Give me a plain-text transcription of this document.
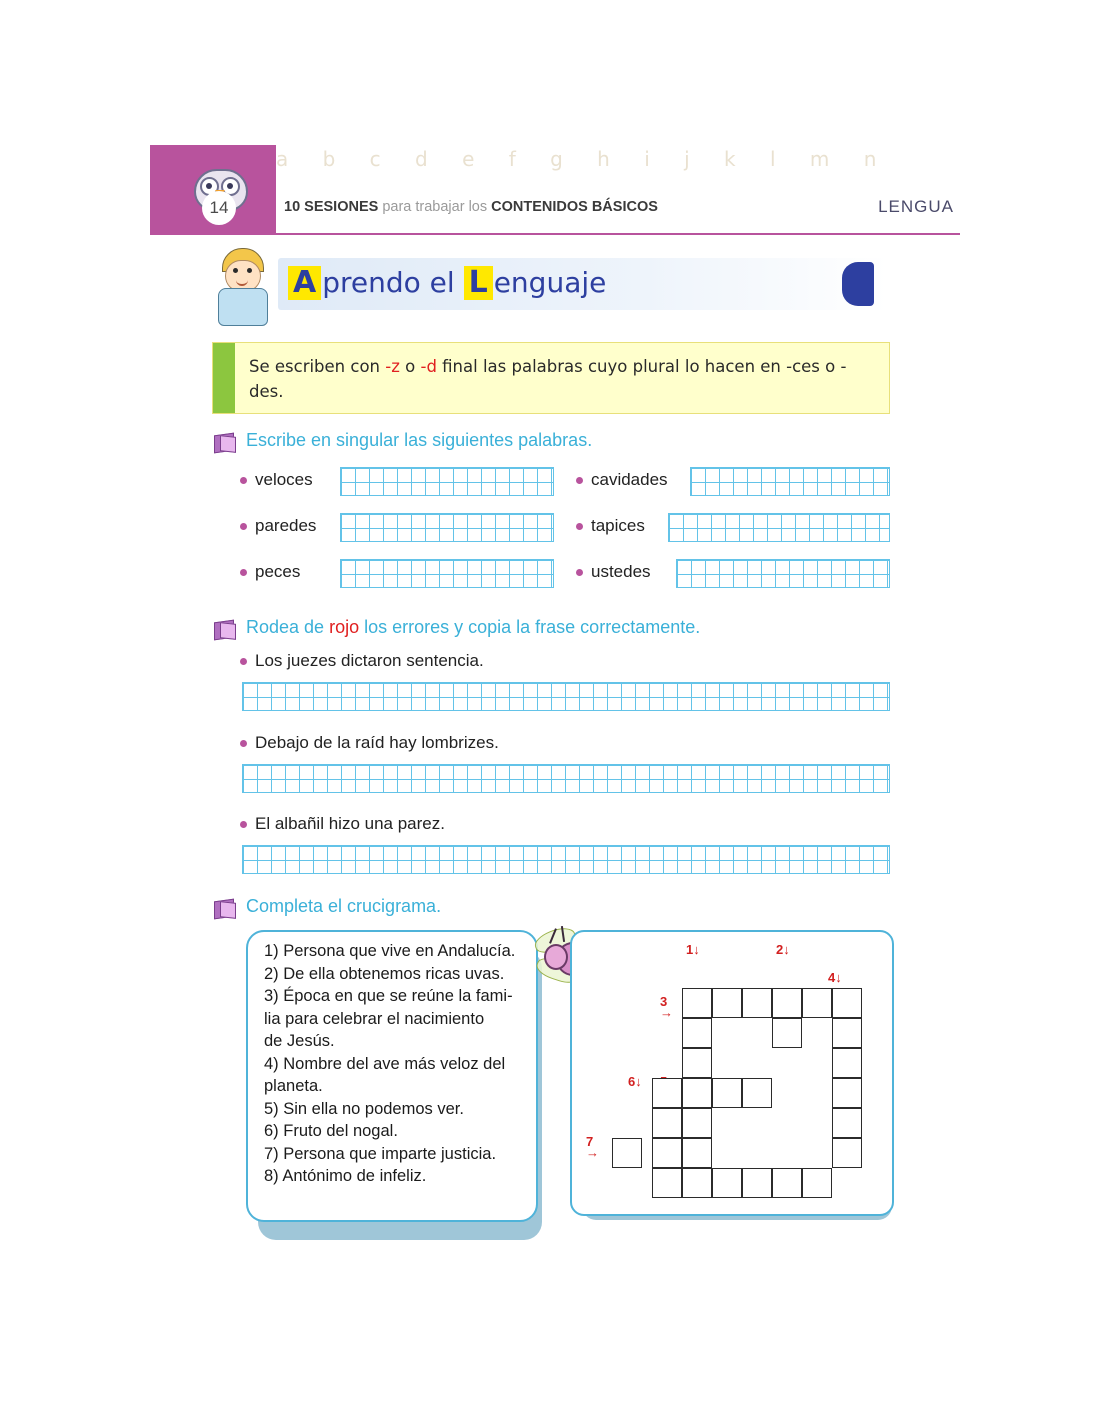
a b c d e f g h i j k l m n
14	10 SESIONES para trabajar los CONTENIDOS BÁSICOS	LENGUA
A prendo el L enguaje
Se escriben con -z o -d final las palabras cuyo plural lo hacen en -ces o -des.
Escribe en singular las siguientes palabras.
veloces
paredes
peces
cavidades
tapices
ustedes
Rodea de rojo los errores y copia la frase correctamente.
Los juezes dictaron sentencia.
Debajo de la raíd hay lombrizes.
El albañil hizo una parez.
Completa el crucigrama.
1) Persona que vive en Andalucía.
2) De ella obtenemos ricas uvas.
3) Época en que se reúne la fami-
lia para celebrar el nacimiento
de Jesús.
4) Nombre del ave más veloz del
planeta.
5) Sin ella no podemos ver.
6) Fruto del nogal.
7) Persona que imparte justicia.
8) Antónimo de infeliz.
1↓	2↓
4↓
3
→
6↓
7
→
